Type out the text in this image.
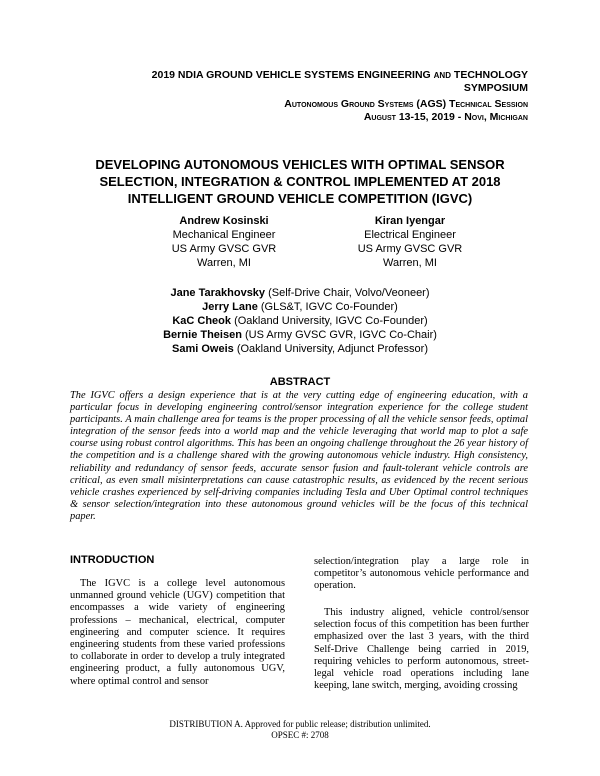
2019 NDIA GROUND VEHICLE SYSTEMS ENGINEERING AND TECHNOLOGY
SYMPOSIUM
Autonomous Ground Systems (AGS) Technical Session
August 13-15, 2019 - Novi, Michigan
DEVELOPING AUTONOMOUS VEHICLES WITH OPTIMAL SENSOR SELECTION, INTEGRATION & CONTROL IMPLEMENTED AT 2018 INTELLIGENT GROUND VEHICLE COMPETITION (IGVC)
Andrew Kosinski
Mechanical Engineer
US Army GVSC GVR
Warren, MI
Kiran Iyengar
Electrical Engineer
US Army GVSC GVR
Warren, MI
Jane Tarakhovsky (Self-Drive Chair, Volvo/Veoneer)
Jerry Lane (GLS&T, IGVC Co-Founder)
KaC Cheok (Oakland University, IGVC Co-Founder)
Bernie Theisen (US Army GVSC GVR, IGVC Co-Chair)
Sami Oweis (Oakland University, Adjunct Professor)
ABSTRACT

The IGVC offers a design experience that is at the very cutting edge of engineering education, with a particular focus in developing engineering control/sensor integration experience for the college student participants. A main challenge area for teams is the proper processing of all the vehicle sensor feeds, optimal integration of the sensor feeds into a world map and the vehicle leveraging that world map to plot a safe course using robust control algorithms. This has been an ongoing challenge throughout the 26 year history of the competition and is a challenge shared with the growing autonomous vehicle industry. High consistency, reliability and redundancy of sensor feeds, accurate sensor fusion and fault-tolerant vehicle controls are critical, as even small misinterpretations can cause catastrophic results, as evidenced by the recent serious vehicle crashes experienced by self-driving companies including Tesla and Uber Optimal control techniques & sensor selection/integration into these autonomous ground vehicles will be the focus of this technical paper.

INTRODUCTION

The IGVC is a college level autonomous unmanned ground vehicle (UGV) competition that encompasses a wide variety of engineering professions – mechanical, electrical, computer engineering and computer science. It requires engineering students from these varied professions to collaborate in order to develop a truly integrated engineering product, a fully autonomous UGV, where optimal control and sensor

selection/integration play a large role in competitor’s autonomous vehicle performance and operation.

This industry aligned, vehicle control/sensor selection focus of this competition has been further emphasized over the last 3 years, with the third Self-Drive Challenge being carried in 2019, requiring vehicles to perform autonomous, street-legal vehicle road operations including lane keeping, lane switch, merging, avoiding crossing

DISTRIBUTION A. Approved for public release; distribution unlimited.
OPSEC #: 2708
